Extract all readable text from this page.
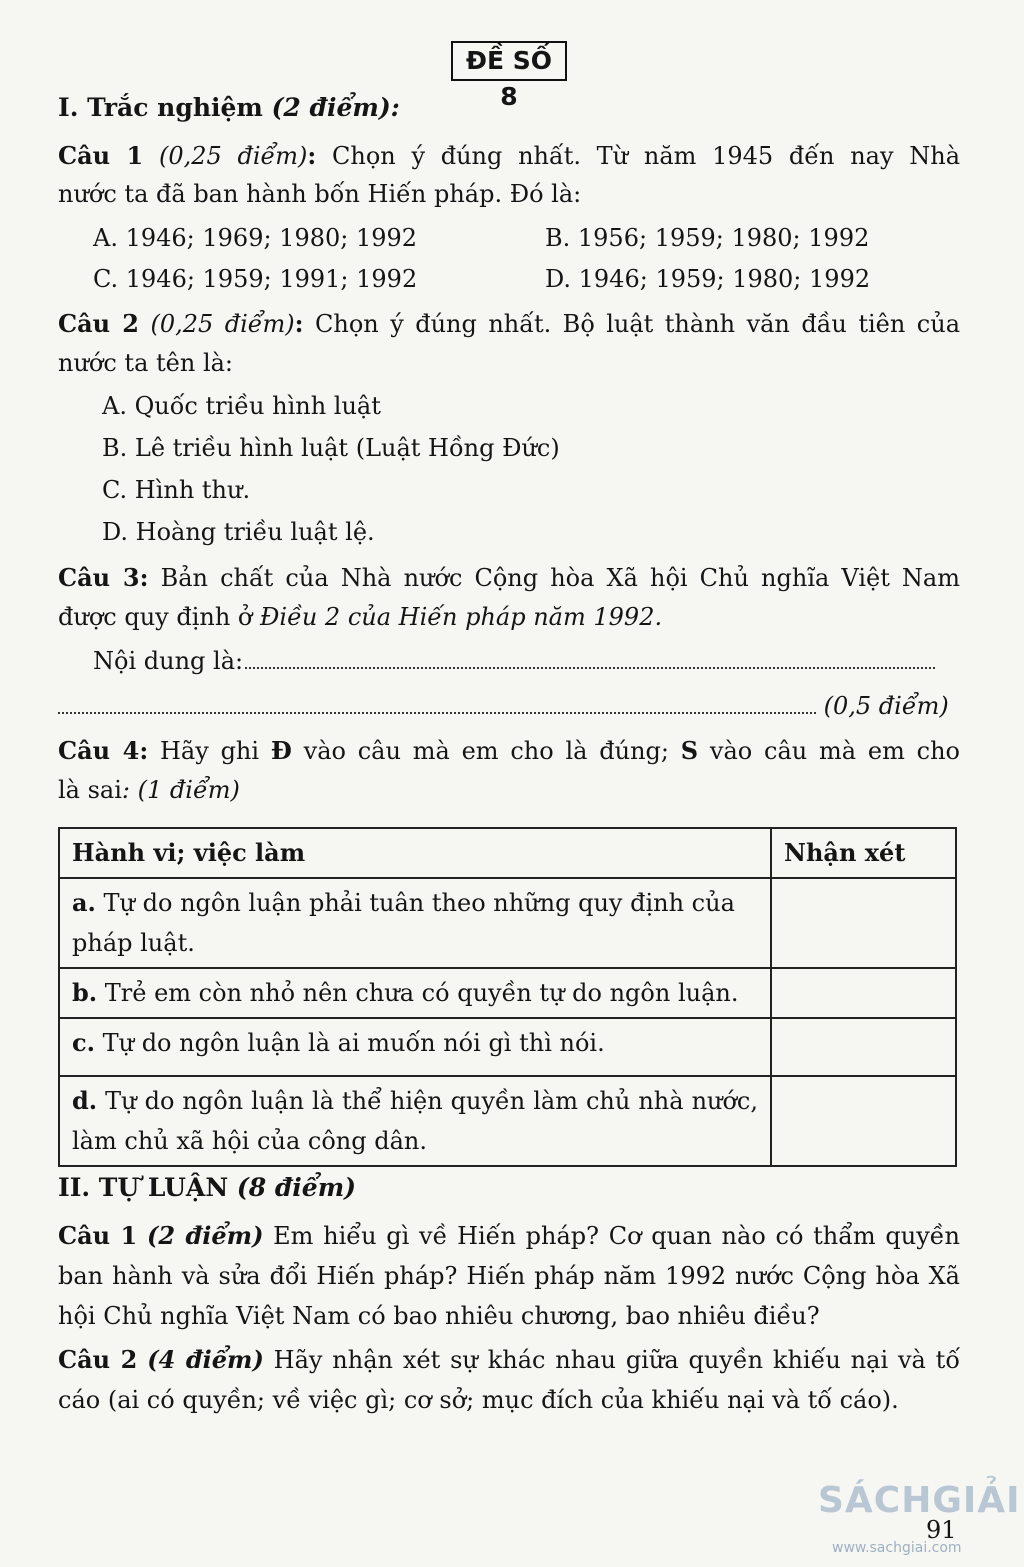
ĐỀ SỐ 8
I. Trắc nghiệm (2 điểm):
Câu 1 (0,25 điểm): Chọn ý đúng nhất. Từ năm 1945 đến nay Nhà
nước ta đã ban hành bốn Hiến pháp. Đó là:
A. 1946; 1969; 1980; 1992	B. 1956; 1959; 1980; 1992
C. 1946; 1959; 1991; 1992	D. 1946; 1959; 1980; 1992
Câu 2 (0,25 điểm): Chọn ý đúng nhất. Bộ luật thành văn đầu tiên của
nước ta tên là:
A. Quốc triều hình luật
B. Lê triều hình luật (Luật Hồng Đức)
C. Hình thư.
D. Hoàng triều luật lệ.
Câu 3: Bản chất của Nhà nước Cộng hòa Xã hội Chủ nghĩa Việt Nam
được quy định ở Điều 2 của Hiến pháp năm 1992.
Nội dung là:
(0,5 điểm)
Câu 4: Hãy ghi Đ vào câu mà em cho là đúng; S vào câu mà em cho
là sai: (1 điểm)
Hành vi; việc làm	Nhận xét
a. Tự do ngôn luận phải tuân theo những quy định của pháp luật.	
b. Trẻ em còn nhỏ nên chưa có quyền tự do ngôn luận.	
c. Tự do ngôn luận là ai muốn nói gì thì nói.	
d. Tự do ngôn luận là thể hiện quyền làm chủ nhà nước, làm chủ xã hội của công dân.	
II. TỰ LUẬN (8 điểm)
Câu 1 (2 điểm) Em hiểu gì về Hiến pháp? Cơ quan nào có thẩm quyền ban hành và sửa đổi Hiến pháp? Hiến pháp năm 1992 nước Cộng hòa Xã hội Chủ nghĩa Việt Nam có bao nhiêu chương, bao nhiêu điều?
Câu 2 (4 điểm) Hãy nhận xét sự khác nhau giữa quyền khiếu nại và tố cáo (ai có quyền; về việc gì; cơ sở; mục đích của khiếu nại và tố cáo).
SÁCHGIẢI
91
www.sachgiai.com
